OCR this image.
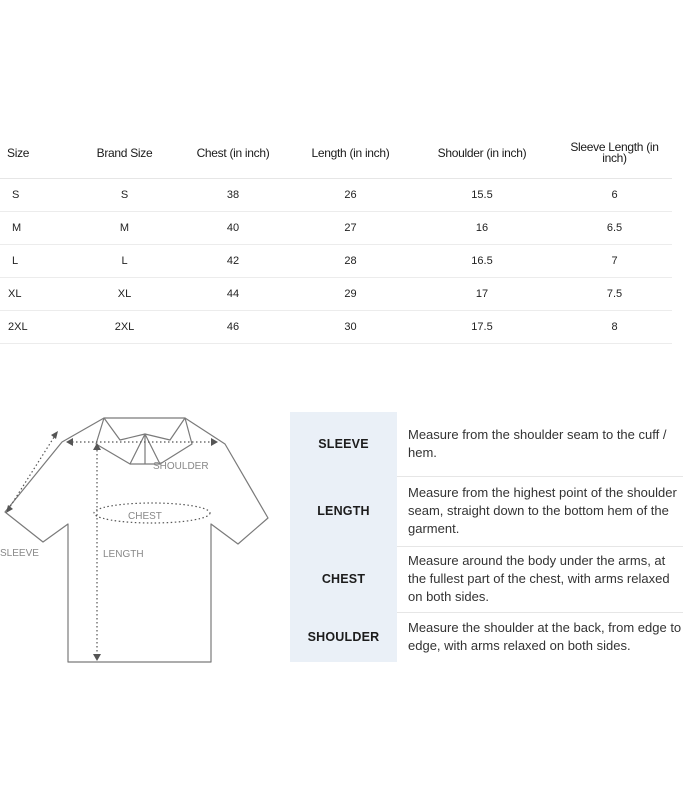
Size	Brand Size	Chest (in inch)	Length (in inch)	Shoulder (in inch)	Sleeve Length (in inch)
S	S	38	26	15.5	6
M	M	40	27	16	6.5
L	L	42	28	16.5	7
XL	XL	44	29	17	7.5
2XL	2XL	46	30	17.5	8
SHOULDER
CHEST
SLEEVE	LENGTH
SLEEVE	Measure from the shoulder seam to the cuff / hem.
LENGTH	Measure from the highest point of the shoulder seam, straight down to the bottom hem of the garment.
CHEST	Measure around the body under the arms, at the fullest part of the chest, with arms relaxed on both sides.
SHOULDER	Measure the shoulder at the back, from edge to edge, with arms relaxed on both sides.
